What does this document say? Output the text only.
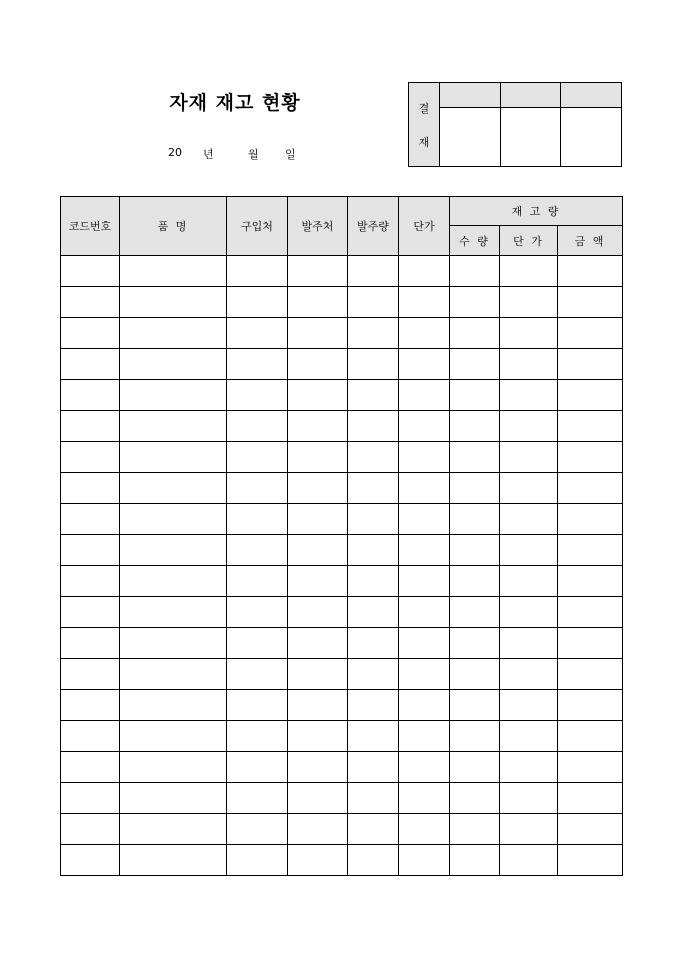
자재 재고 현황
20 년	월 일
결
재			

코드번호	품 명	구입처	발주처	발주량	단가	재 고 량		
						수 량	단 가	금 액
